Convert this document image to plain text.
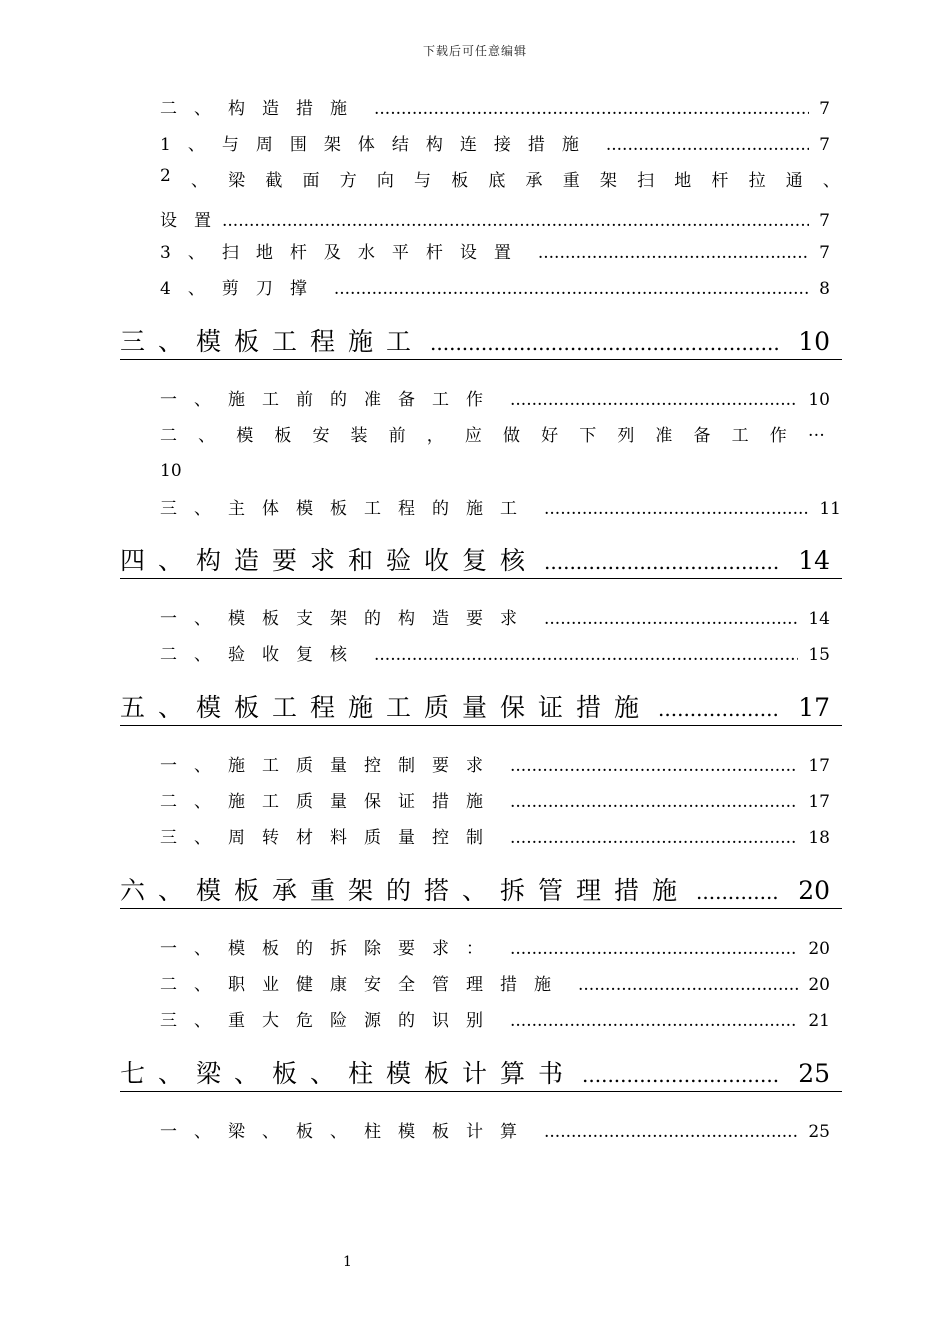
下载后可任意编辑
二、构造措施 .....	7
1、与周围架体结构连接措施 .....	7
2 、 梁 截 面 方 向 与 板 底 承 重 架 扫 地 杆 拉 通 、
设置 .....	7
3、扫地杆及水平杆设置 .....	7
4、剪刀撑 .....	8
三、模板工程施工 .....	10
一、施工前的准备工作 .....	10
二 、 模 板 安 装 前 ， 应 做 好 下 列 准 备 工 作 …
10
三、主体模板工程的施工 .....	11
四、构造要求和验收复核 .....	14
一、模板支架的构造要求 .....	14
二、验收复核 .....	15
五、模板工程施工质量保证措施 .....	17
一、施工质量控制要求 .....	17
二、施工质量保证措施 .....	17
三、周转材料质量控制 .....	18
六、模板承重架的搭、拆管理措施 .....	20
一、模板的拆除要求： .....	20
二、职业健康安全管理措施 .....	20
三、重大危险源的识别 .....	21
七、梁、板、柱模板计算书 .....	25
一、梁、板、柱模板计算 .....	25
1
